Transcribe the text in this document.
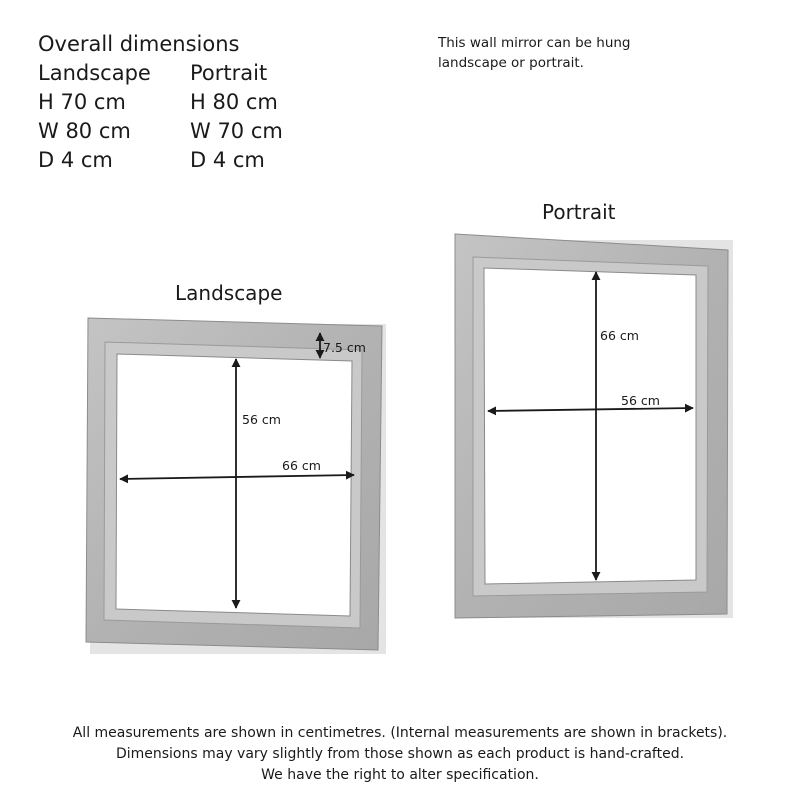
Overall dimensions
Landscape
H 70 cm
W 80 cm
D 4 cm
Portrait
H 80 cm
W 70 cm
D 4 cm
This wall mirror can be hung
landscape or portrait.
Landscape
Portrait
7.5 cm
56 cm
66 cm
66 cm
56 cm
All measurements are shown in centimetres. (Internal measurements are shown in brackets).
Dimensions may vary slightly from those shown as each product is hand-crafted.
We have the right to alter specification.
